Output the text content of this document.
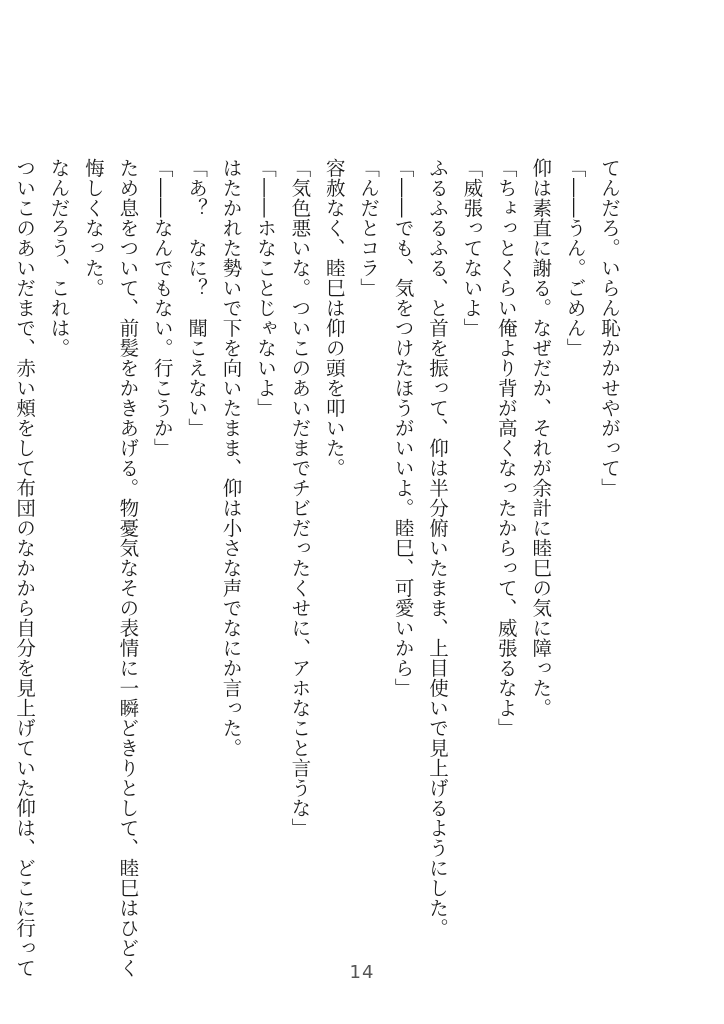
てんだろ。いらん恥かかせやがって」
「――うん。ごめん」
仰は素直に謝る。なぜだか、それが余計に睦巳の気に障った。
「ちょっとくらい俺より背が高くなったからって、威張るなよ」
「威張ってないよ」
ふるふるふる、と首を振って、仰は半分俯いたまま、上目使いで見上げるようにした。
「――でも、気をつけたほうがいいよ。睦巳、可愛いから」
「んだとコラ」
容赦なく、睦巳は仰の頭を叩いた。
「気色悪いな。ついこのあいだまでチビだったくせに、アホなこと言うな」
「――ホなことじゃないよ」
はたかれた勢いで下を向いたまま、仰は小さな声でなにか言った。
「あ？　なに？　聞こえない」
「――なんでもない。行こうか」
ため息をついて、前髪をかきあげる。物憂気なその表情に一瞬どきりとして、睦巳はひどく
悔しくなった。
なんだろう、これは。
ついこのあいだまで、赤い頰をして布団のなかから自分を見上げていた仰は、どこに行って	14
